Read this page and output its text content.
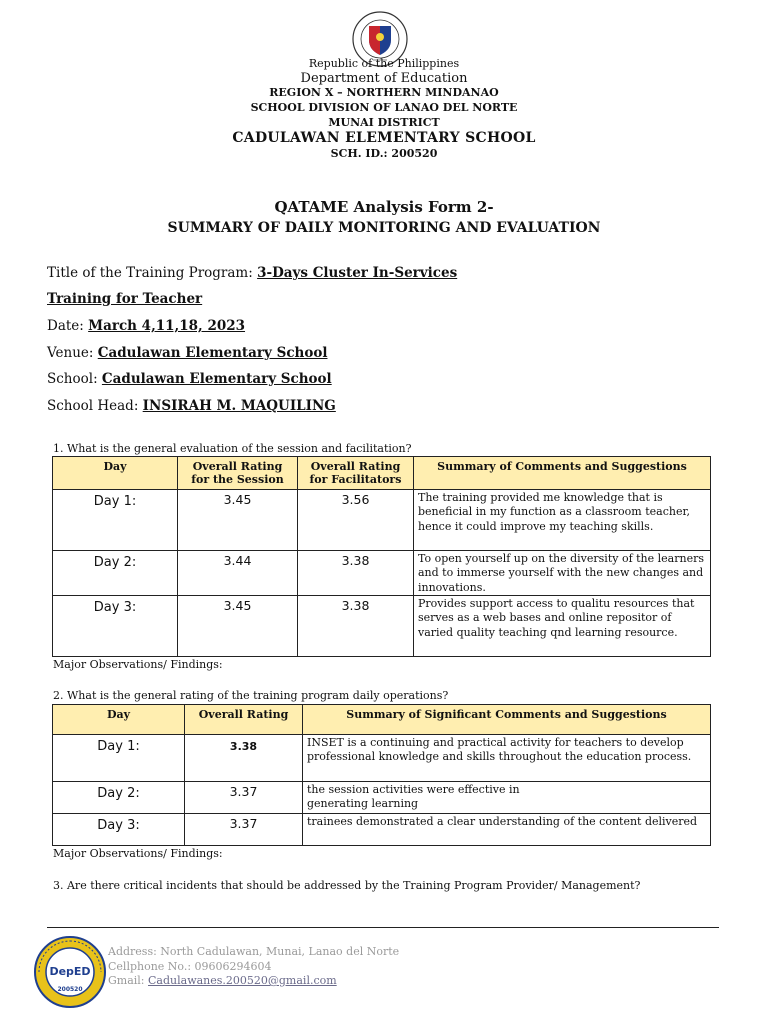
Republic of the Philippines
Department of Education
REGION X – NORTHERN MINDANAO
SCHOOL DIVISION OF LANAO DEL NORTE
MUNAI DISTRICT
CADULAWAN ELEMENTARY SCHOOL
SCH. ID.: 200520
QATAME Analysis Form 2-
SUMMARY OF DAILY MONITORING AND EVALUATION
Title of the Training Program: 3-Days Cluster In-Services
Training for Teacher
Date: March 4,11,18, 2023
Venue: Cadulawan Elementary School
School: Cadulawan Elementary School
School Head: INSIRAH M. MAQUILING
1. What is the general evaluation of the session and facilitation?
Day	Overall Rating for the Session	Overall Rating for Facilitators	Summary of Comments and Suggestions
Day 1:	3.45	3.56	The training provided me knowledge that is beneficial in my function as a classroom teacher, hence it could improve my teaching skills.
Day 2:	3.44	3.38	To open yourself up on the diversity of the learners and to immerse yourself with the new changes and innovations.
Day 3:	3.45	3.38	Provides support access to qualitu resources that serves as a web bases and online repositor of varied quality teaching qnd learning resource.
Major Observations/ Findings:
2. What is the general rating of the training program daily operations?
Day	Overall Rating	Summary of Significant Comments and Suggestions
Day 1:	3.38	INSET is a continuing and practical activity for teachers to develop professional knowledge and skills throughout the education process.
Day 2:	3.37	the session activities were effective in generating learning
Day 3:	3.37	trainees demonstrated a clear understanding of the content delivered
Major Observations/ Findings:
3. Are there critical incidents that should be addressed by the Training Program Provider/ Management?
DepED
200520
Address: North Cadulawan, Munai, Lanao del Norte
Cellphone No.: 09606294604
Gmail: Cadulawanes.200520@gmail.com
